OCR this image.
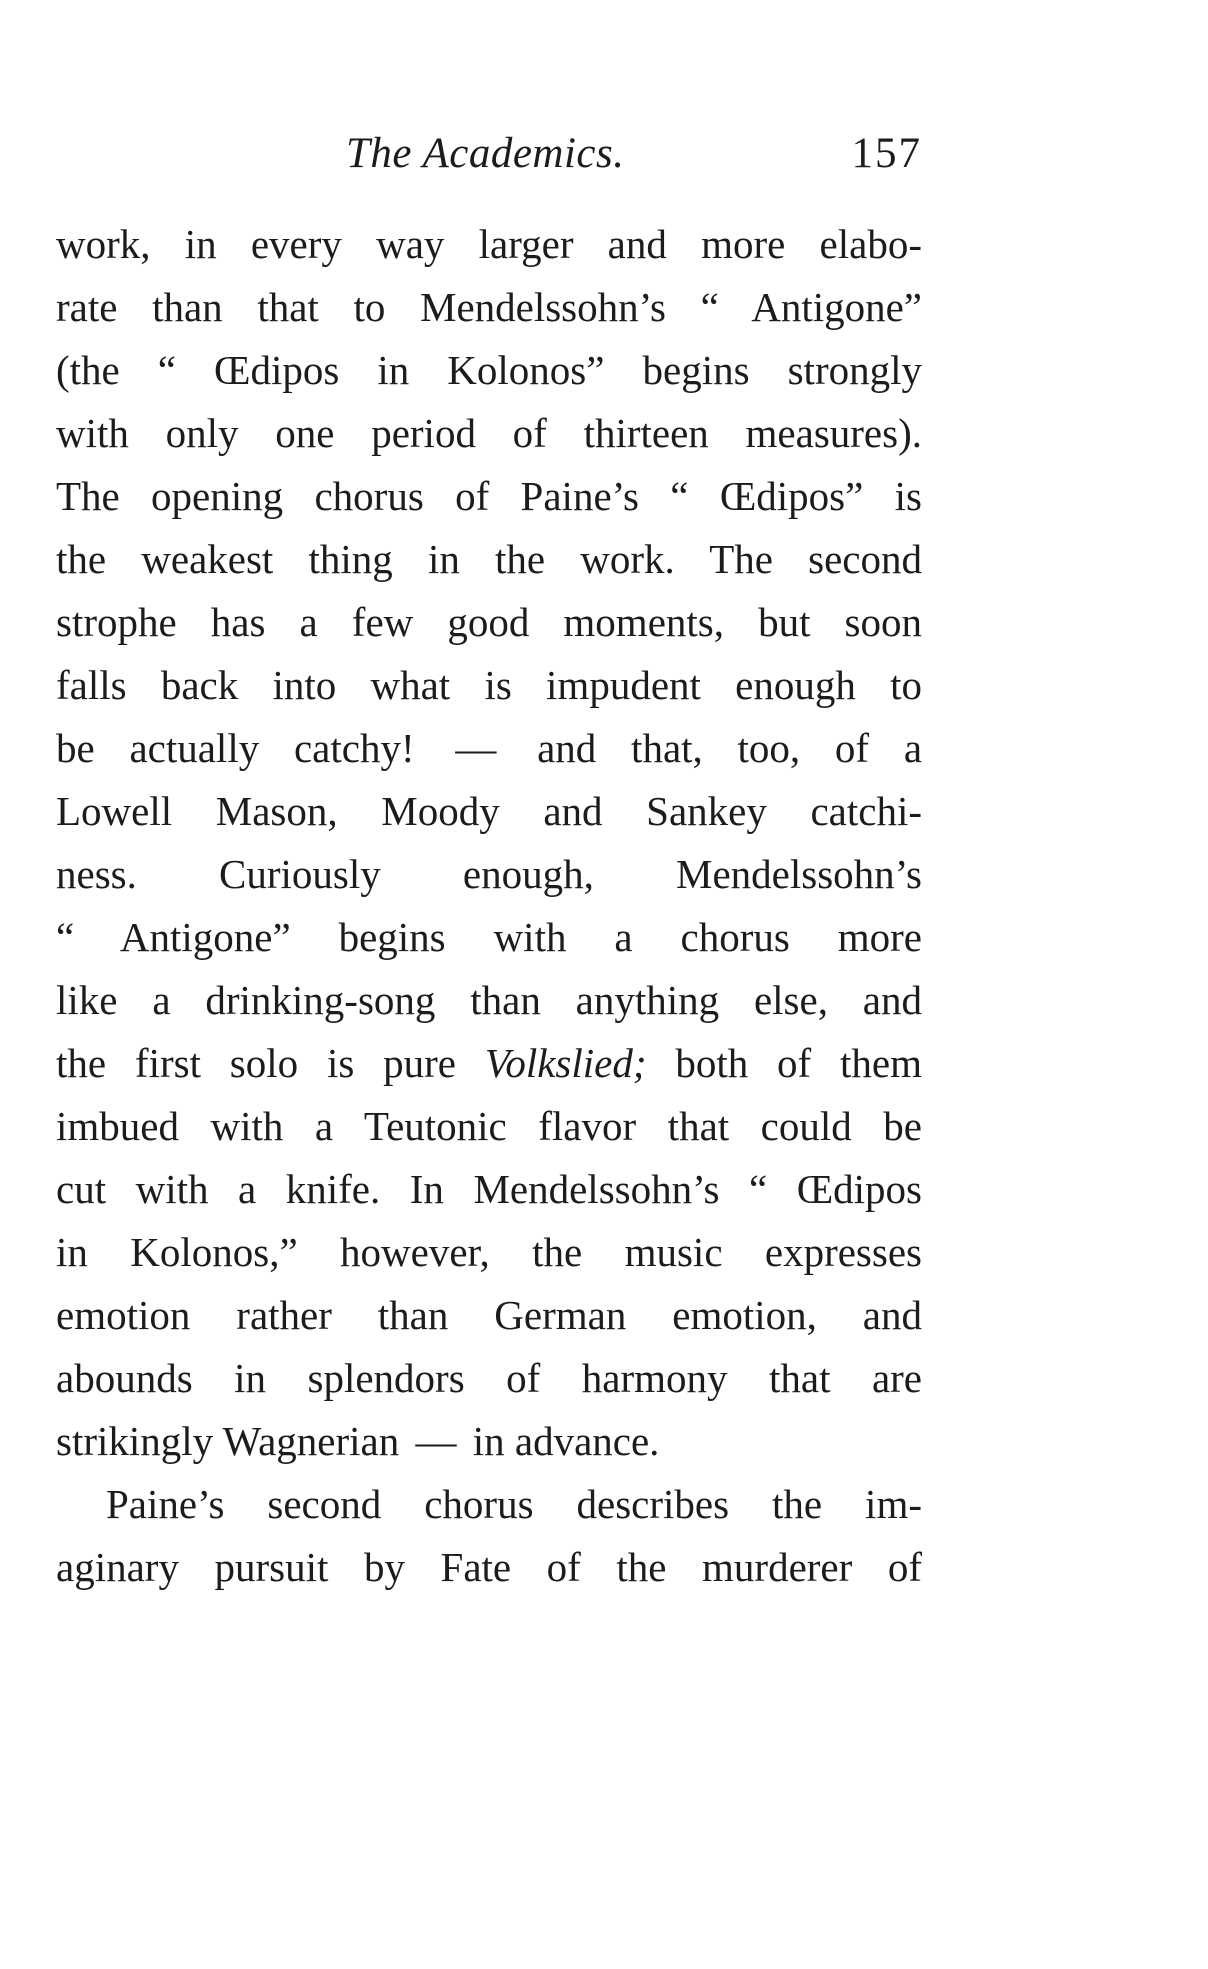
The Academics.	157
work, in every way larger and more elabo-
rate than that to Mendelssohn’s “ Antigone”
(the “ Œdipos in Kolonos” begins strongly
with only one period of thirteen measures).
The opening chorus of Paine’s “ Œdipos” is
the weakest thing in the work. The second
strophe has a few good moments, but soon
falls back into what is impudent enough to
be actually catchy! — and that, too, of a
Lowell Mason, Moody and Sankey catchi-
ness. Curiously enough, Mendelssohn’s
“ Antigone” begins with a chorus more
like a drinking-song than anything else, and
the first solo is pure Volkslied; both of them
imbued with a Teutonic flavor that could be
cut with a knife. In Mendelssohn’s “ Œdipos
in Kolonos,” however, the music expresses
emotion rather than German emotion, and
abounds in splendors of harmony that are
strikingly Wagnerian — in advance.
Paine’s second chorus describes the im-
aginary pursuit by Fate of the murderer of
